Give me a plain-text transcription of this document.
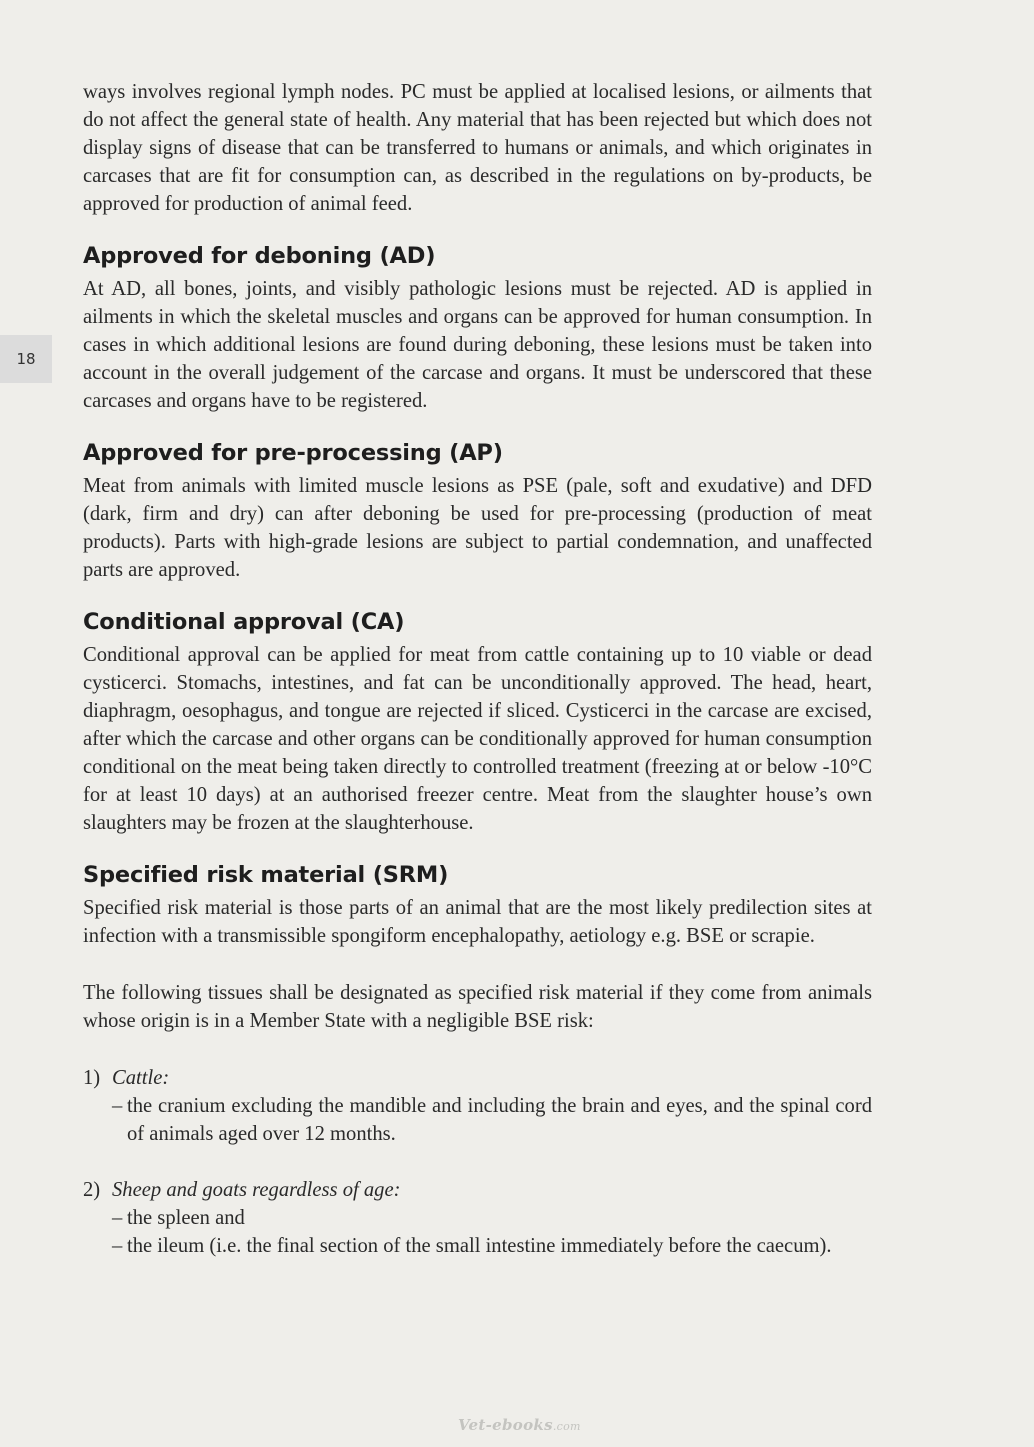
18

ways involves regional lymph nodes. PC must be applied at localised lesions, or ailments that do not affect the general state of health. Any material that has been rejected but which does not display signs of disease that can be transferred to humans or animals, and which originates in carcases that are fit for consumption can, as described in the regulations on by-products, be approved for production of animal feed.

Approved for deboning (AD)

At AD, all bones, joints, and visibly pathologic lesions must be rejected. AD is applied in ailments in which the skeletal muscles and organs can be approved for human consumption. In cases in which additional lesions are found during deboning, these lesions must be taken into account in the overall judgement of the carcase and organs. It must be underscored that these carcases and organs have to be registered.

Approved for pre-processing (AP)

Meat from animals with limited muscle lesions as PSE (pale, soft and exudative) and DFD (dark, firm and dry) can after deboning be used for pre-processing (production of meat products). Parts with high-grade lesions are subject to partial condemnation, and unaffected parts are approved.

Conditional approval (CA)

Conditional approval can be applied for meat from cattle containing up to 10 viable or dead cysticerci. Stomachs, intestines, and fat can be unconditionally approved. The head, heart, diaphragm, oesophagus, and tongue are rejected if sliced. Cysticerci in the carcase are excised, after which the carcase and other organs can be conditionally approved for human consumption conditional on the meat being taken directly to controlled treatment (freezing at or below -10°C for at least 10 days) at an authorised freezer centre. Meat from the slaughter house’s own slaughters may be frozen at the slaughterhouse.

Specified risk material (SRM)

Specified risk material is those parts of an animal that are the most likely predilection sites at infection with a transmissible spongiform encephalopathy, aetiology e.g. BSE or scrapie.

The following tissues shall be designated as specified risk material if they come from animals whose origin is in a Member State with a negligible BSE risk:

1) Cattle:
– the cranium excluding the mandible and including the brain and eyes, and the spinal cord of animals aged over 12 months.
2) Sheep and goats regardless of age:
– the spleen and
– the ileum (i.e. the final section of the small intestine immediately before the caecum).
Vet-ebooks.com
